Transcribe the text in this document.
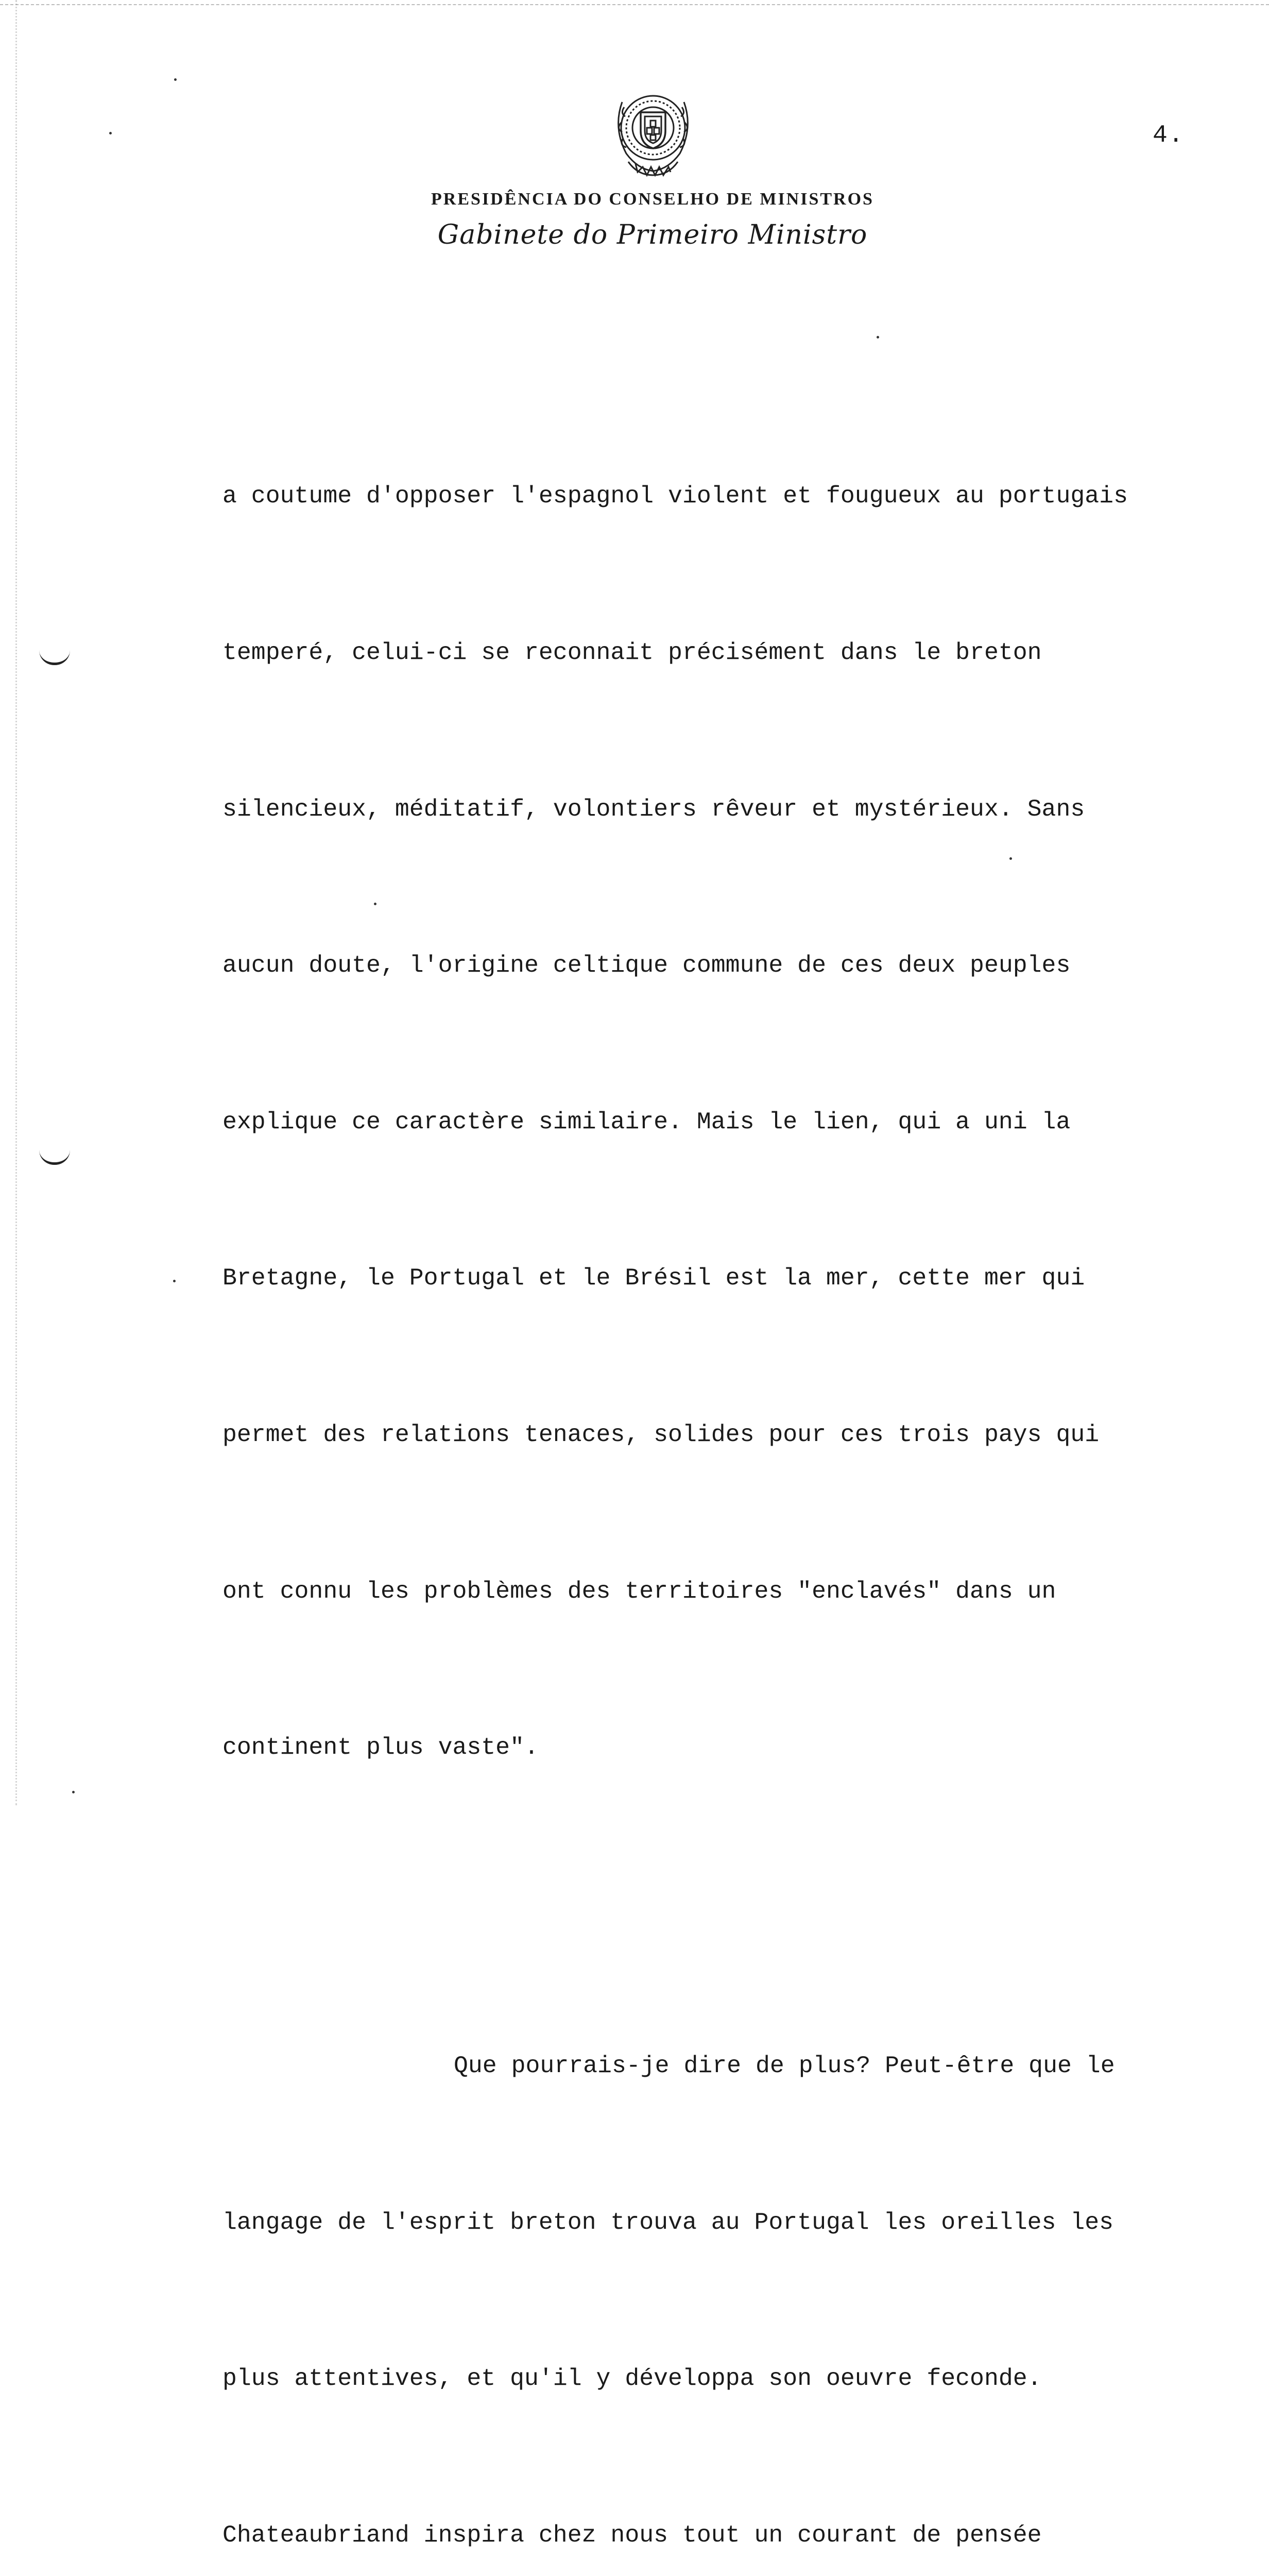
4.
PRESIDÊNCIA DO CONSELHO DE MINISTROS
Gabinete do Primeiro Ministro

a coutume d'opposer l'espagnol violent et fougueux au portugais

temperé, celui-ci se reconnait précisément dans le breton

silencieux, méditatif, volontiers rêveur et mystérieux. Sans

aucun doute, l'origine celtique commune de ces deux peuples

explique ce caractère similaire. Mais le lien, qui a uni la

Bretagne, le Portugal et le Brésil est la mer, cette mer qui

permet des relations tenaces, solides pour ces trois pays qui

ont connu les problèmes des territoires "enclavés" dans un

continent plus vaste".

Que pourrais-je dire de plus? Peut-être que le

langage de l'esprit breton trouva au Portugal les oreilles les

plus attentives, et qu'il y développa son oeuvre feconde.

Chateaubriand inspira chez nous tout un courant de pensée
